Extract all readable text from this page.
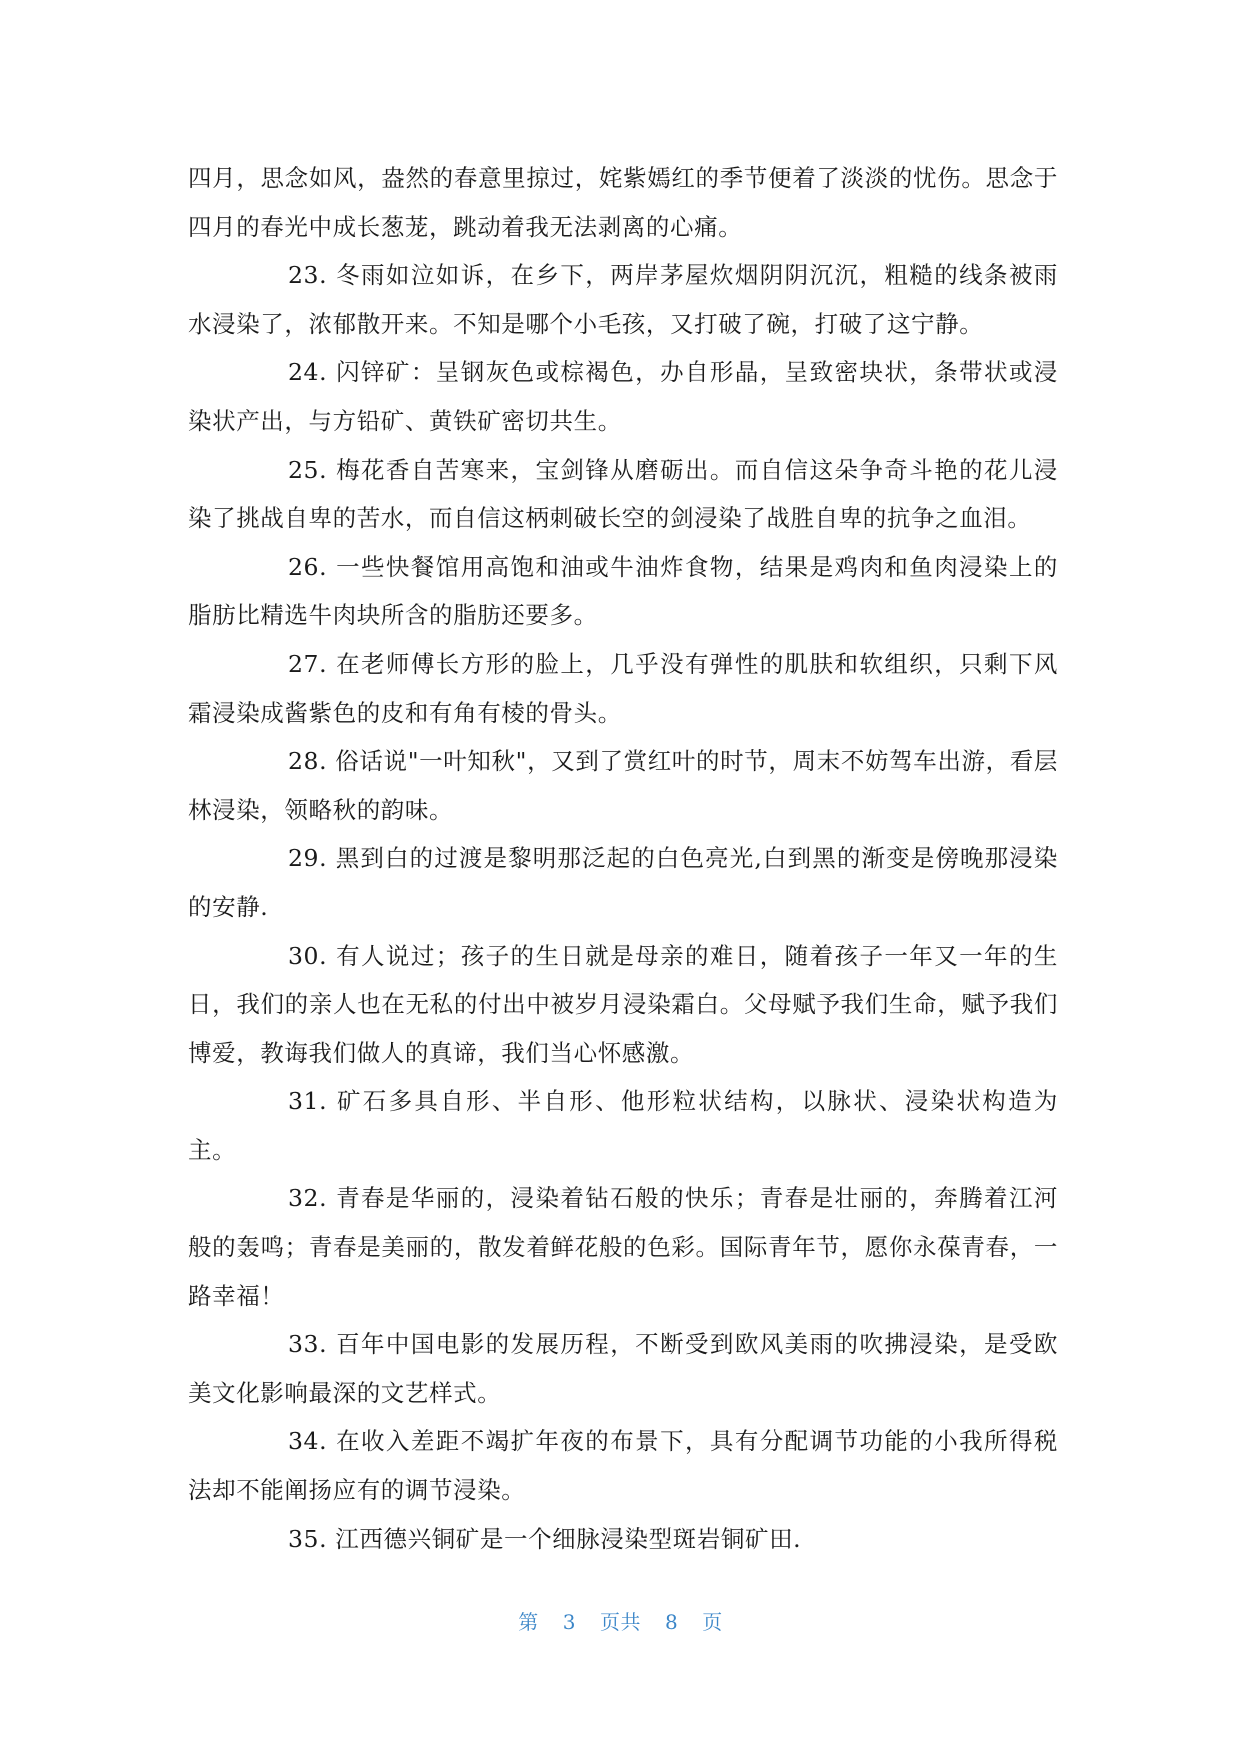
四月，思念如风，盎然的春意里掠过，姹紫嫣红的季节便着了淡淡的忧伤。思念于四月的春光中成长葱茏，跳动着我无法剥离的心痛。

23. 冬雨如泣如诉，在乡下，两岸茅屋炊烟阴阴沉沉，粗糙的线条被雨水浸染了，浓郁散开来。不知是哪个小毛孩，又打破了碗，打破了这宁静。

24. 闪锌矿：呈钢灰色或棕褐色，办自形晶，呈致密块状，条带状或浸染状产出，与方铅矿、黄铁矿密切共生。

25. 梅花香自苦寒来，宝剑锋从磨砺出。而自信这朵争奇斗艳的花儿浸染了挑战自卑的苦水，而自信这柄刺破长空的剑浸染了战胜自卑的抗争之血泪。

26. 一些快餐馆用高饱和油或牛油炸食物，结果是鸡肉和鱼肉浸染上的脂肪比精选牛肉块所含的脂肪还要多。

27. 在老师傅长方形的脸上，几乎没有弹性的肌肤和软组织，只剩下风霜浸染成酱紫色的皮和有角有棱的骨头。

28. 俗话说"一叶知秋"，又到了赏红叶的时节，周末不妨驾车出游，看层林浸染，领略秋的韵味。

29. 黑到白的过渡是黎明那泛起的白色亮光,白到黑的渐变是傍晚那浸染的安静.

30. 有人说过；孩子的生日就是母亲的难日，随着孩子一年又一年的生日，我们的亲人也在无私的付出中被岁月浸染霜白。父母赋予我们生命，赋予我们博爱，教诲我们做人的真谛，我们当心怀感激。

31. 矿石多具自形、半自形、他形粒状结构，以脉状、浸染状构造为主。

32. 青春是华丽的，浸染着钻石般的快乐；青春是壮丽的，奔腾着江河般的轰鸣；青春是美丽的，散发着鲜花般的色彩。国际青年节，愿你永葆青春，一路幸福！

33. 百年中国电影的发展历程，不断受到欧风美雨的吹拂浸染，是受欧美文化影响最深的文艺样式。

34. 在收入差距不竭扩年夜的布景下，具有分配调节功能的小我所得税法却不能阐扬应有的调节浸染。

35. 江西德兴铜矿是一个细脉浸染型斑岩铜矿田.

第 3 页共 8 页
